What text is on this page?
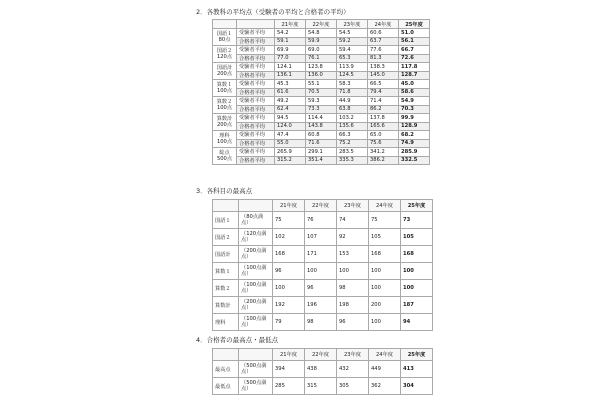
2．各教科の平均点（受験者の平均と合格者の平均）
		21年度	22年度	23年度	24年度	25年度
国語１
80点	受験者平均	54.2	54.8	54.5	60.6	51.0
	合格者平均	59.1	59.9	59.2	63.7	56.1
国語２
120点	受験者平均	69.9	69.0	59.4	77.6	66.7
	合格者平均	77.0	76.1	65.3	81.3	72.6
国語計
200点	受験者平均	124.1	123.8	113.9	138.3	117.8
	合格者平均	136.1	136.0	124.5	145.0	128.7
算数１
100点	受験者平均	45.3	55.1	58.3	66.5	45.0
	合格者平均	61.6	70.5	71.8	79.4	58.6
算数２
100点	受験者平均	49.2	59.3	44.9	71.4	54.9
	合格者平均	62.4	73.3	63.8	86.2	70.3
算数計
200点	受験者平均	94.5	114.4	103.2	137.8	99.9
	合格者平均	124.0	143.8	135.6	165.6	128.9
理科
100点	受験者平均	47.4	60.8	66.3	65.0	68.2
	合格者平均	55.0	71.6	75.2	75.6	74.9
総点
500点	受験者平均	265.9	299.1	283.5	341.2	285.9
	合格者平均	315.2	351.4	335.3	386.2	332.5
3．各科目の最高点
		21年度	22年度	23年度	24年度	25年度
国語１	（80点満点）	75	76	74	75	73
国語２	（120点満点）	102	107	92	105	105
国語計	（200点満点）	168	171	153	168	168
算数１	（100点満点）	96	100	100	100	100
算数２	（100点満点）	100	96	98	100	100
算数計	（200点満点）	192	196	198	200	187
理科	（100点満点）	79	98	96	100	94
4．合格者の最高点・最低点
		21年度	22年度	23年度	24年度	25年度
最高点	（500点満点）	394	438	432	449	413
最低点	（500点満点）	285	315	305	362	304
